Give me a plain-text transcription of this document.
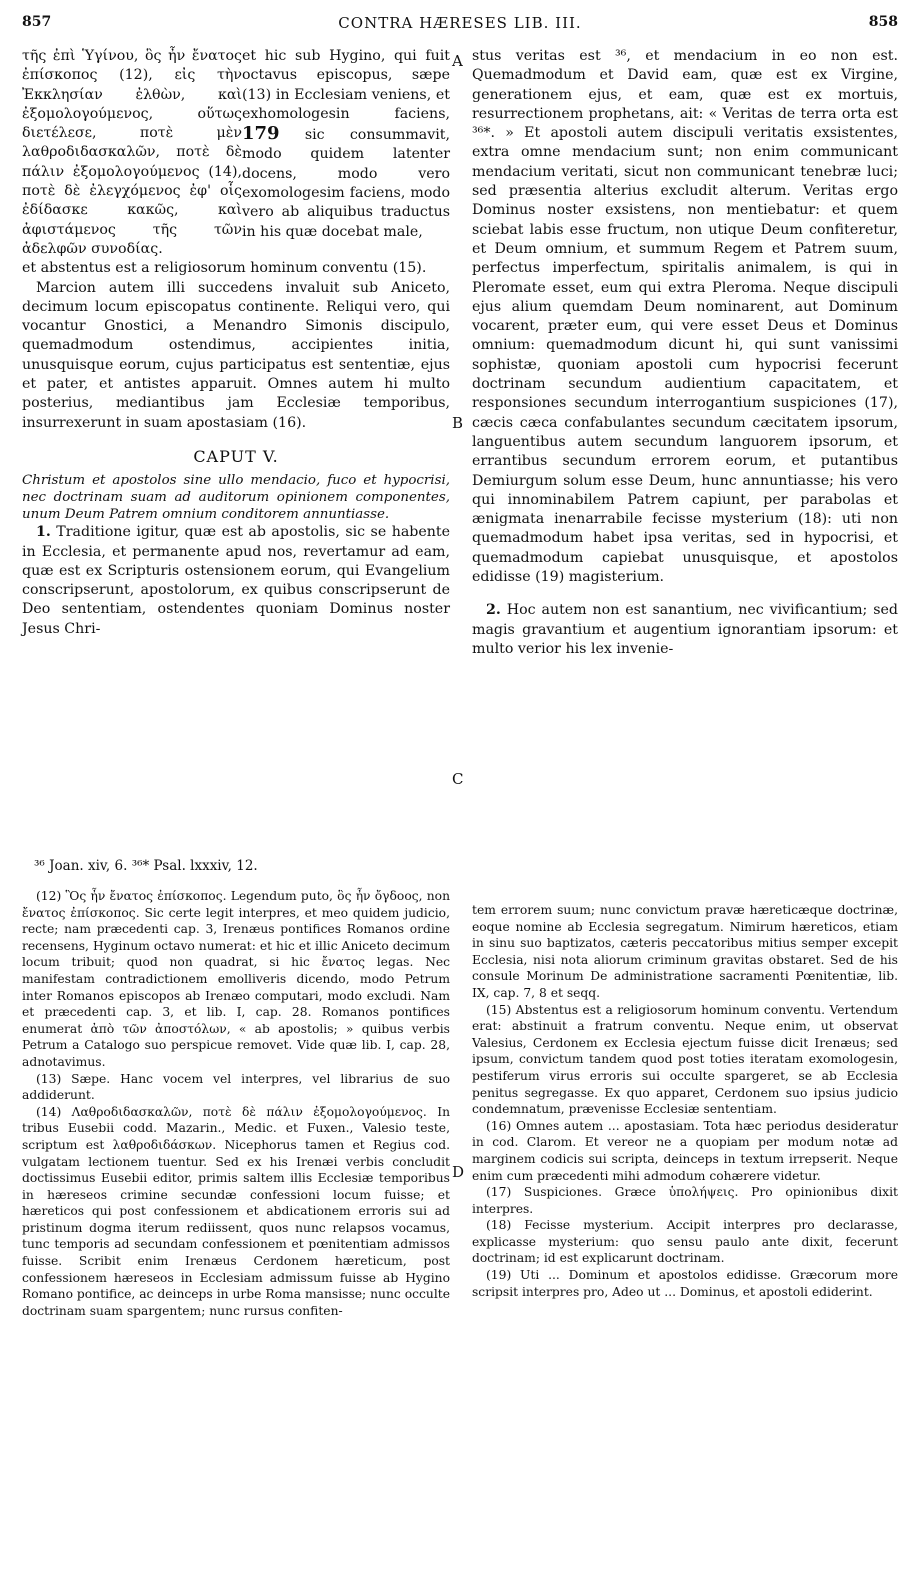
857	CONTRA HÆRESES LIB. III.	858
A
B
C
D

τῆς ἐπὶ Ὑγίνου, ὃς ἦν ἔνατος ἐπίσκοπος (12), εἰς τὴν Ἐκκλησίαν ἐλθὼν, καὶ ἐξομολογούμενος, οὕτως διετέλεσε, ποτὲ μὲν λαθροδιδασκαλῶν, ποτὲ δὲ πάλιν ἐξομολογούμενος (14), ποτὲ δὲ ἐλεγχόμενος ἐφ' οἷς ἐδίδασκε κακῶς, καὶ ἀφιστάμενος τῆς τῶν ἀδελφῶν συνοδίας.

et hic sub Hygino, qui fuit octavus episcopus, sæpe (13) in Ecclesiam veniens, et exhomologesin faciens, 179 sic consummavit, modo quidem latenter docens, modo vero exomologesim faciens, modo vero ab aliquibus traductus in his quæ docebat male,

et abstentus est a religiosorum hominum conventu (15).

Marcion autem illi succedens invaluit sub Aniceto, decimum locum episcopatus continente. Reliqui vero, qui vocantur Gnostici, a Menandro Simonis discipulo, quemadmodum ostendimus, accipientes initia, unusquisque eorum, cujus participatus est sententiæ, ejus et pater, et antistes apparuit. Omnes autem hi multo posterius, mediantibus jam Ecclesiæ temporibus, insurrexerunt in suam apostasiam (16).

CAPUT V.

Christum et apostolos sine ullo mendacio, fuco et hypocrisi, nec doctrinam suam ad auditorum opinionem componentes, unum Deum Patrem omnium conditorem annuntiasse.

1. Traditione igitur, quæ est ab apostolis, sic se habente in Ecclesia, et permanente apud nos, revertamur ad eam, quæ est ex Scripturis ostensionem eorum, qui Evangelium conscripserunt, apostolorum, ex quibus conscripserunt de Deo sententiam, ostendentes quoniam Dominus noster Jesus Chri-

stus veritas est ³⁶, et mendacium in eo non est. Quemadmodum et David eam, quæ est ex Virgine, generationem ejus, et eam, quæ est ex mortuis, resurrectionem prophetans, ait: « Veritas de terra orta est ³⁶*. » Et apostoli autem discipuli veritatis exsistentes, extra omne mendacium sunt; non enim communicant mendacium veritati, sicut non communicant tenebræ luci; sed præsentia alterius excludit alterum. Veritas ergo Dominus noster exsistens, non mentiebatur: et quem sciebat labis esse fructum, non utique Deum confiteretur, et Deum omnium, et summum Regem et Patrem suum, perfectus imperfectum, spiritalis animalem, is qui in Pleromate esset, eum qui extra Pleroma. Neque discipuli ejus alium quemdam Deum nominarent, aut Dominum vocarent, præter eum, qui vere esset Deus et Dominus omnium: quemadmodum dicunt hi, qui sunt vanissimi sophistæ, quoniam apostoli cum hypocrisi fecerunt doctrinam secundum audientium capacitatem, et responsiones secundum interrogantium suspiciones (17), cæcis cæca confabulantes secundum cæcitatem ipsorum, languentibus autem secundum languorem ipsorum, et errantibus secundum errorem eorum, et putantibus Demiurgum solum esse Deum, hunc annuntiasse; his vero qui innominabilem Patrem capiunt, per parabolas et ænigmata inenarrabile fecisse mysterium (18): uti non quemadmodum habet ipsa veritas, sed in hypocrisi, et quemadmodum capiebat unusquisque, et apostolos edidisse (19) magisterium.

2. Hoc autem non est sanantium, nec vivificantium; sed magis gravantium et augentium ignorantiam ipsorum: et multo verior his lex invenie-

³⁶ Joan. xiv, 6. ³⁶* Psal. lxxxiv, 12.

(12) Ὃς ἦν ἔνατος ἐπίσκοπος. Legendum puto, ὃς ἦν ὄγδοος, non ἔνατος ἐπίσκοπος. Sic certe legit interpres, et meo quidem judicio, recte; nam præcedenti cap. 3, Irenæus pontifices Romanos ordine recensens, Hyginum octavo numerat: et hic et illic Aniceto decimum locum tribuit; quod non quadrat, si hic ἔνατος legas. Nec manifestam contradictionem emolliveris dicendo, modo Petrum inter Romanos episcopos ab Irenæo computari, modo excludi. Nam et præcedenti cap. 3, et lib. I, cap. 28. Romanos pontifices enumerat ἀπὸ τῶν ἀποστόλων, « ab apostolis; » quibus verbis Petrum a Catalogo suo perspicue removet. Vide quæ lib. I, cap. 28, adnotavimus.

(13) Sæpe. Hanc vocem vel interpres, vel librarius de suo addiderunt.

(14) Λαθροδιδασκαλῶν, ποτὲ δὲ πάλιν ἐξομολογούμενος. In tribus Eusebii codd. Mazarin., Medic. et Fuxen., Valesio teste, scriptum est λαθροδιδάσκων. Nicephorus tamen et Regius cod. vulgatam lectionem tuentur. Sed ex his Irenæi verbis concludit doctissimus Eusebii editor, primis saltem illis Ecclesiæ temporibus in hæreseos crimine secundæ confessioni locum fuisse; et hæreticos qui post confessionem et abdicationem erroris sui ad pristinum dogma iterum rediissent, quos nunc relapsos vocamus, tunc temporis ad secundam confessionem et pœnitentiam admissos fuisse. Scribit enim Irenæus Cerdonem hæreticum, post confessionem hæreseos in Ecclesiam admissum fuisse ab Hygino Romano pontifice, ac deinceps in urbe Roma mansisse; nunc occulte doctrinam suam spargentem; nunc rursus confiten-

tem errorem suum; nunc convictum pravæ hæreticæque doctrinæ, eoque nomine ab Ecclesia segregatum. Nimirum hæreticos, etiam in sinu suo baptizatos, cæteris peccatoribus mitius semper excepit Ecclesia, nisi nota aliorum criminum gravitas obstaret. Sed de his consule Morinum De administratione sacramenti Pœnitentiæ, lib. IX, cap. 7, 8 et seqq.

(15) Abstentus est a religiosorum hominum conventu. Vertendum erat: abstinuit a fratrum conventu. Neque enim, ut observat Valesius, Cerdonem ex Ecclesia ejectum fuisse dicit Irenæus; sed ipsum, convictum tandem quod post toties iteratam exomologesin, pestiferum virus erroris sui occulte spargeret, se ab Ecclesia penitus segregasse. Ex quo apparet, Cerdonem suo ipsius judicio condemnatum, prævenisse Ecclesiæ sententiam.

(16) Omnes autem ... apostasiam. Tota hæc periodus desideratur in cod. Clarom. Et vereor ne a quopiam per modum notæ ad marginem codicis sui scripta, deinceps in textum irrepserit. Neque enim cum præcedenti mihi admodum cohærere videtur.

(17) Suspiciones. Græce ὑπολήψεις. Pro opinionibus dixit interpres.

(18) Fecisse mysterium. Accipit interpres pro declarasse, explicasse mysterium: quo sensu paulo ante dixit, fecerunt doctrinam; id est explicarunt doctrinam.

(19) Uti ... Dominum et apostolos edidisse. Græcorum more scripsit interpres pro, Adeo ut ... Dominus, et apostoli ediderint.
